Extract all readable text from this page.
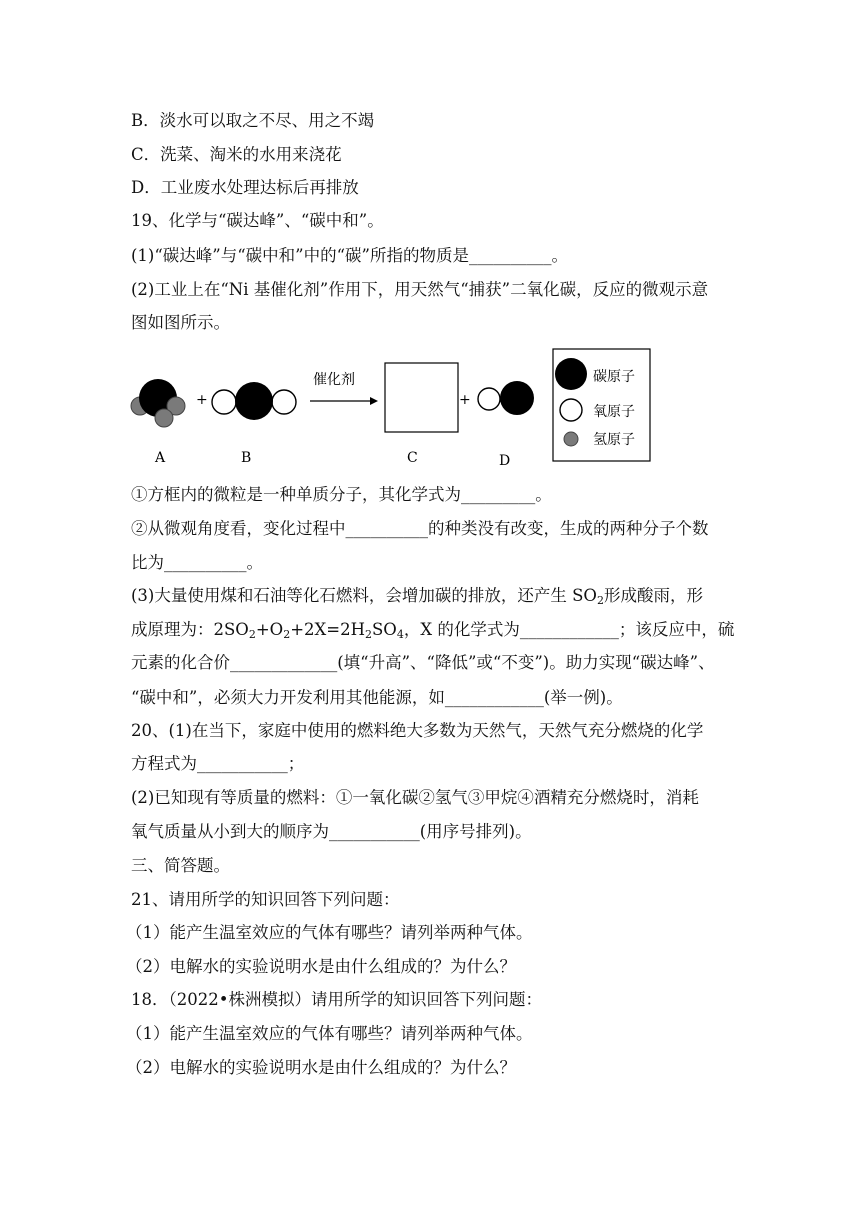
B．淡水可以取之不尽、用之不竭

C．洗菜、淘米的水用来浇花

D．工业废水处理达标后再排放

19、化学与“碳达峰”、“碳中和”。

(1)“碳达峰”与“碳中和”中的“碳”所指的物质是__________。

(2)工业上在“Ni 基催化剂”作用下，用天然气“捕获”二氧化碳，反应的微观示意

图如图所示。

+
催化剂
+
碳原子
氧原子
氢原子
A	B	C	D

①方框内的微粒是一种单质分子，其化学式为_________。

②从微观角度看，变化过程中__________的种类没有改变，生成的两种分子个数

比为__________。

(3)大量使用煤和石油等化石燃料，会增加碳的排放，还产生 $SO_2$形成酸雨，形

成原理为：$2SO_2+O_2+2X=2H_2SO_4$，X 的化学式为____________；该反应中，硫

元素的化合价_____________(填“升高”、“降低”或“不变”)。助力实现“碳达峰”、

“碳中和”，必须大力开发利用其他能源，如____________(举一例)。

20、(1)在当下，家庭中使用的燃料绝大多数为天然气，天然气充分燃烧的化学

方程式为___________；

(2)已知现有等质量的燃料：①一氧化碳②氢气③甲烷④酒精充分燃烧时，消耗

氧气质量从小到大的顺序为___________(用序号排列)。

三、简答题。

21、请用所学的知识回答下列问题：

（1）能产生温室效应的气体有哪些？请列举两种气体。

（2）电解水的实验说明水是由什么组成的？为什么？

18．（2022•株洲模拟）请用所学的知识回答下列问题：

（1）能产生温室效应的气体有哪些？请列举两种气体。

（2）电解水的实验说明水是由什么组成的？为什么？
